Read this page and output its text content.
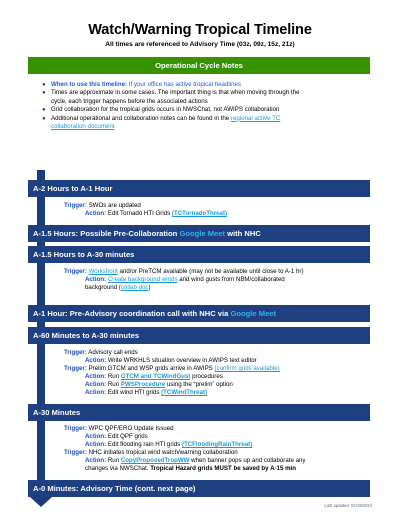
Watch/Warning Tropical Timeline
All times are referenced to Advisory Time (03z, 09z, 15z, 21z)
Operational Cycle Notes
● When to use this timeline: If your office has active tropical headlines
● Times are approximate in some cases. The important thing is that when moving through the
cycle, each trigger happens before the associated actions
● Grid collaboration for the tropical grids occurs in NWSChat, not AWIPS collaboration
● Additional operational and collaboration notes can be found in the regional active TC
collaboration document
A-2 Hours to A-1 Hour
Trigger: SWOs are updated
Action: Edit Tornado HTI Grids (TCTornadoThreat)
A-1.5 Hours: Possible Pre-Collaboration
Google Meet
with NHC
A-1.5 Hours to A-30 minutes
Trigger: Workshont and/or PreTCM available (may not be available until close to A-1 hr)
Action: Create background winds and wind gusts from NBM/collaborated
background (collab doc)
A-1 Hour: Pre-Advisory coordination call with NHC via
Google Meet
A-60 Minutes to A-30 minutes
Trigger: Advisory call ends
Action: Write WRKHLS situation overview in AWIPS text editor
Trigger: Prelim GTCM and WSP grids arrive in AWIPS (confirm grids available)
Action: Run GTCM and TCWindGust procedures
Action: Run PWSProcedure using the “prelim” option
Action: Edit wind HTI grids (TCWindThreat)
A-30 Minutes
Trigger: WPC QPF/ERO Update Issued
Action: Edit QPF grids
Action: Edit flooding rain HTI grids (TCFloodingRainThreat)
Trigger: NHC initiates tropical wind watch/warning collaboration
Action: Run CopyProposedTropWW when banner pops up and collaborate any
changes via NWSChat. Tropical Hazard grids MUST be saved by A-15 min
A-0 Minutes: Advisory Time (cont. next page)
Last updated: 04/19/2024
